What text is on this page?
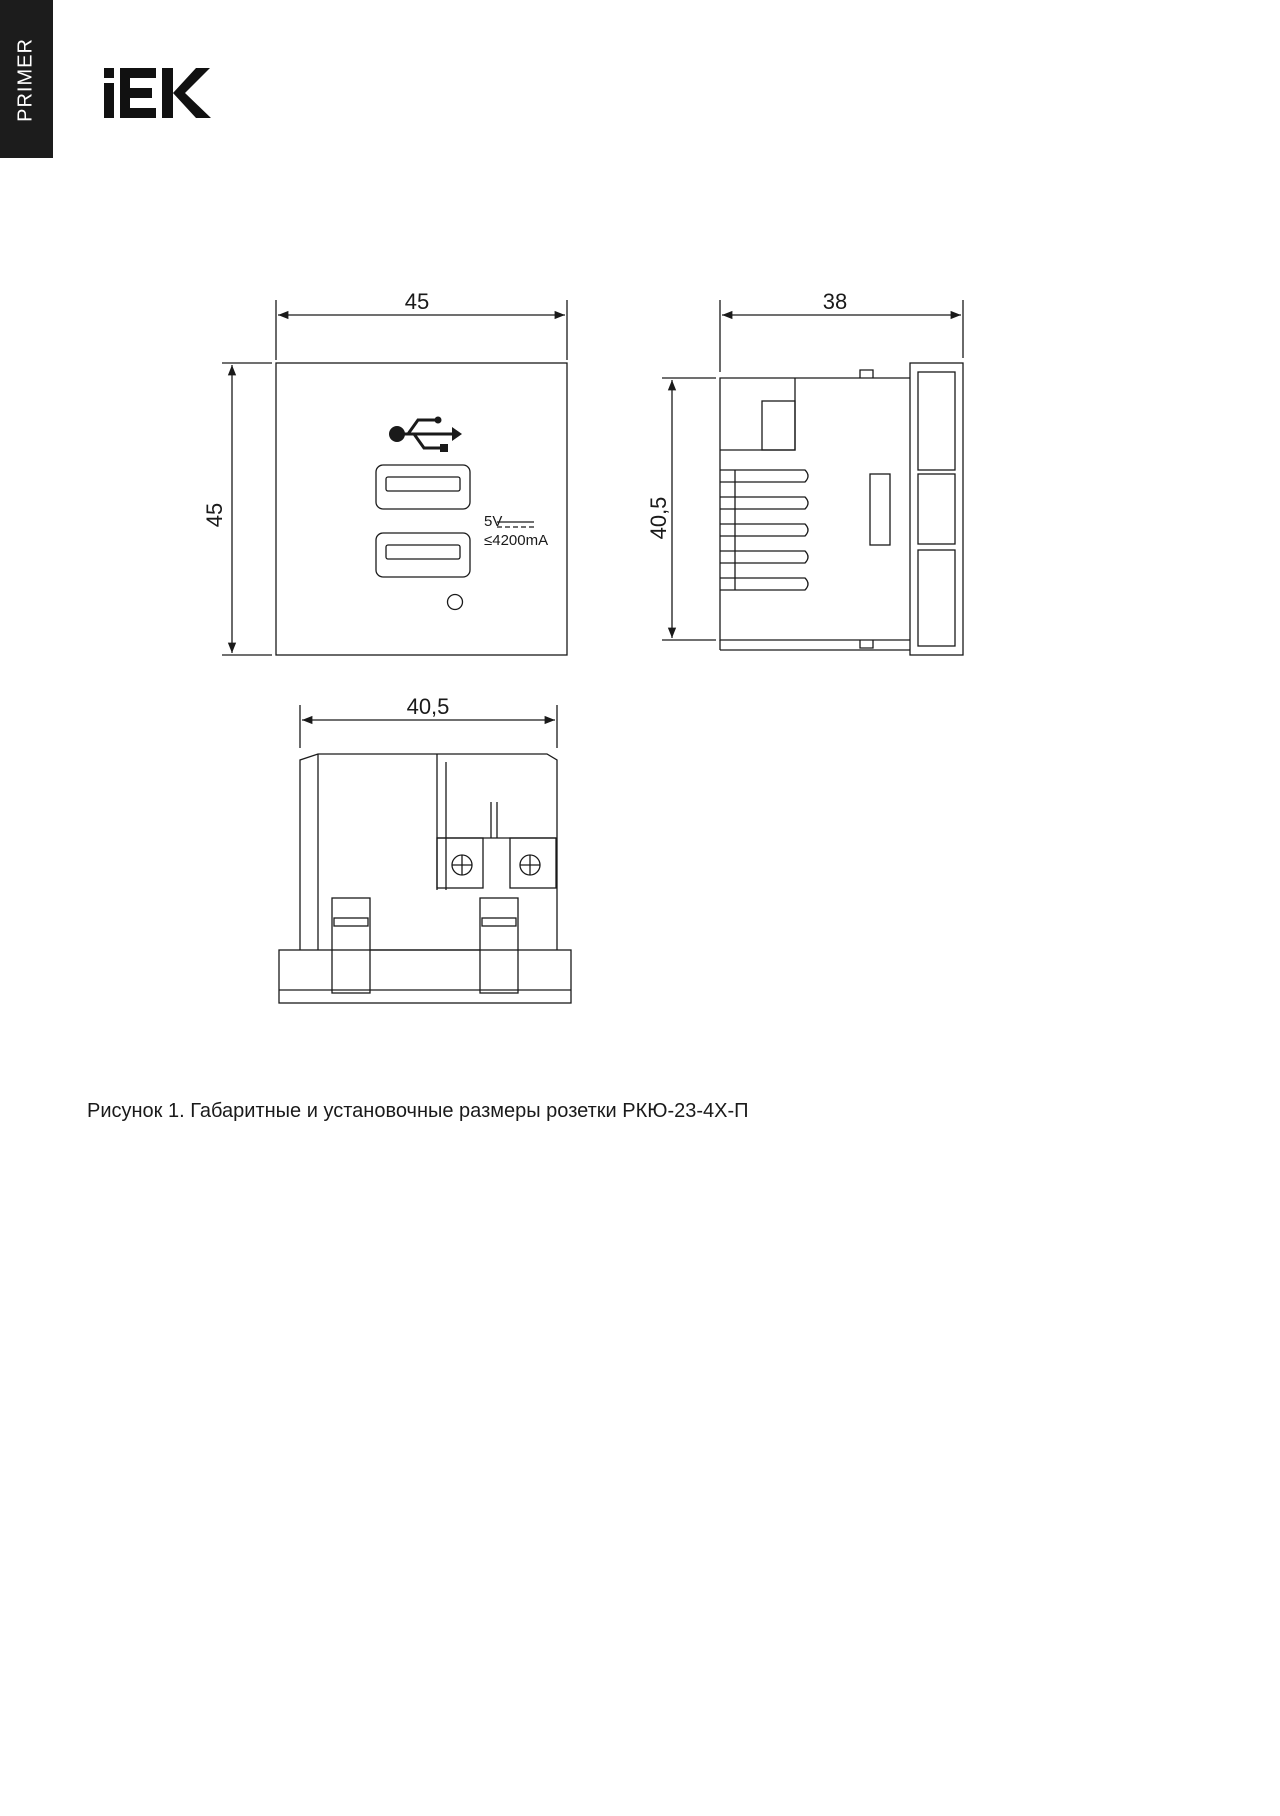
PRIMER
45
45	5V
≤4200mA
38
40,5
40,5
Рисунок 1. Габаритные и установочные размеры розетки РКЮ-23-4Х-П
